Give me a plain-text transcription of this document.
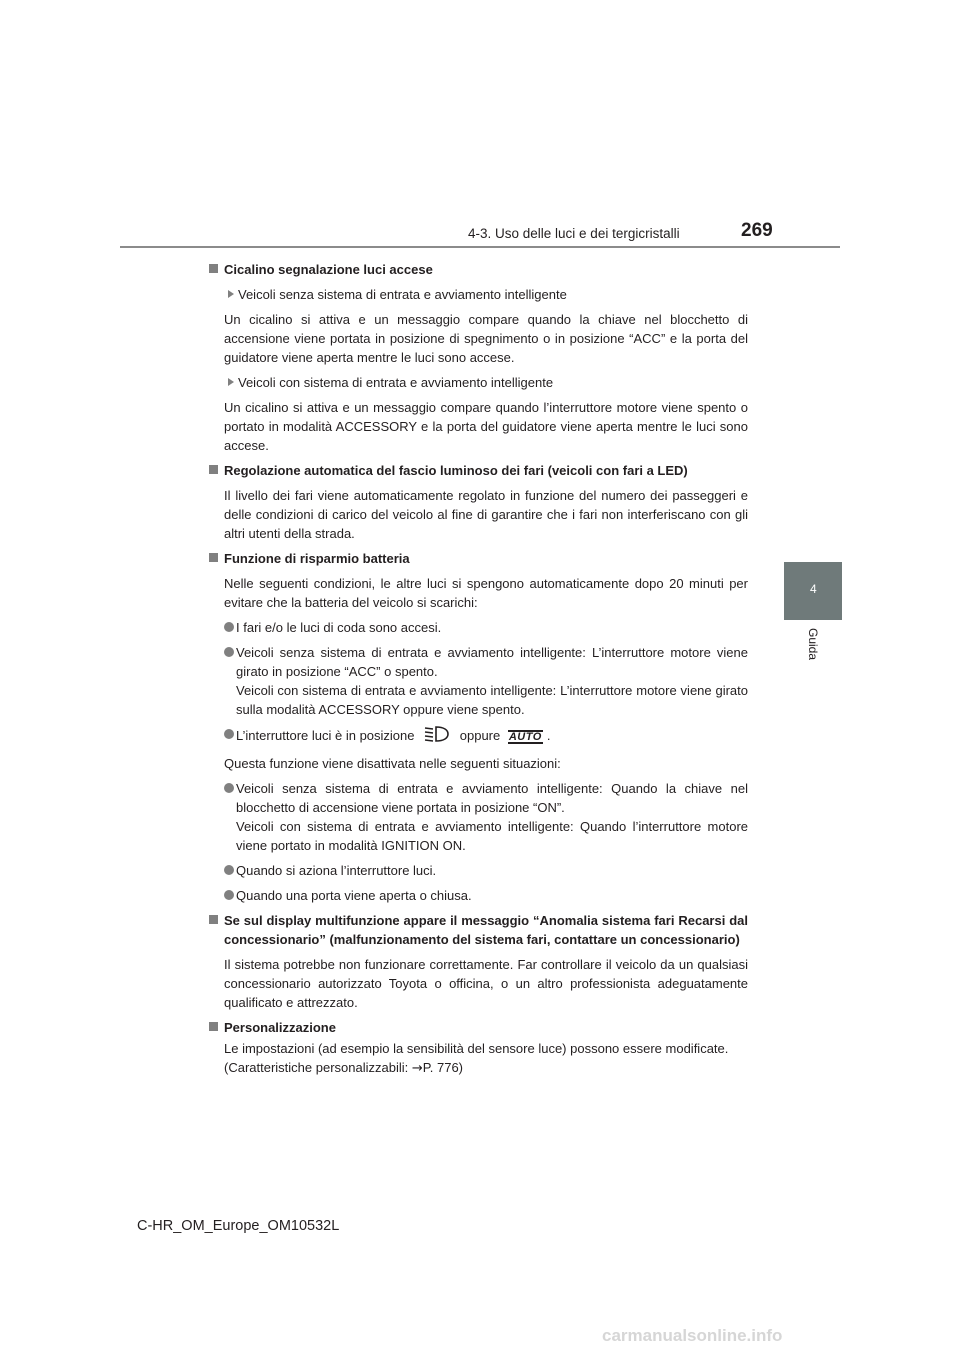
4-3. Uso delle luci e dei tergicristalli	269
4
Guida
Cicalino segnalazione luci accese
Veicoli senza sistema di entrata e avviamento intelligente
Un cicalino si attiva e un messaggio compare quando la chiave nel blocchetto di accensione viene portata in posizione di spegnimento o in posizione “ACC” e la porta del guidatore viene aperta mentre le luci sono accese.
Veicoli con sistema di entrata e avviamento intelligente
Un cicalino si attiva e un messaggio compare quando l’interruttore motore viene spento o portato in modalità ACCESSORY e la porta del guidatore viene aperta mentre le luci sono accese.
Regolazione automatica del fascio luminoso dei fari (veicoli con fari a LED)
Il livello dei fari viene automaticamente regolato in funzione del numero dei passeggeri e delle condizioni di carico del veicolo al fine di garantire che i fari non interferiscano con gli altri utenti della strada.
Funzione di risparmio batteria
Nelle seguenti condizioni, le altre luci si spengono automaticamente dopo 20 minuti per evitare che la batteria del veicolo si scarichi:
I fari e/o le luci di coda sono accesi.
Veicoli senza sistema di entrata e avviamento intelligente: L’interruttore motore viene girato in posizione “ACC” o spento.
Veicoli con sistema di entrata e avviamento intelligente: L’interruttore motore viene girato sulla modalità ACCESSORY oppure viene spento.
L’interruttore luci è in posizione	oppure AUTO .
Questa funzione viene disattivata nelle seguenti situazioni:
Veicoli senza sistema di entrata e avviamento intelligente: Quando la chiave nel blocchetto di accensione viene portata in posizione “ON”.
Veicoli con sistema di entrata e avviamento intelligente: Quando l’interruttore motore viene portato in modalità IGNITION ON.
Quando si aziona l’interruttore luci.
Quando una porta viene aperta o chiusa.
Se sul display multifunzione appare il messaggio “Anomalia sistema fari Recarsi dal concessionario” (malfunzionamento del sistema fari, contattare un concessionario)
Il sistema potrebbe non funzionare correttamente. Far controllare il veicolo da un qualsiasi concessionario autorizzato Toyota o officina, o un altro professionista adeguatamente qualificato e attrezzato.
Personalizzazione
Le impostazioni (ad esempio la sensibilità del sensore luce) possono essere modificate.
(Caratteristiche personalizzabili: →P. 776)
C-HR_OM_Europe_OM10532L
carmanualsonline.info
